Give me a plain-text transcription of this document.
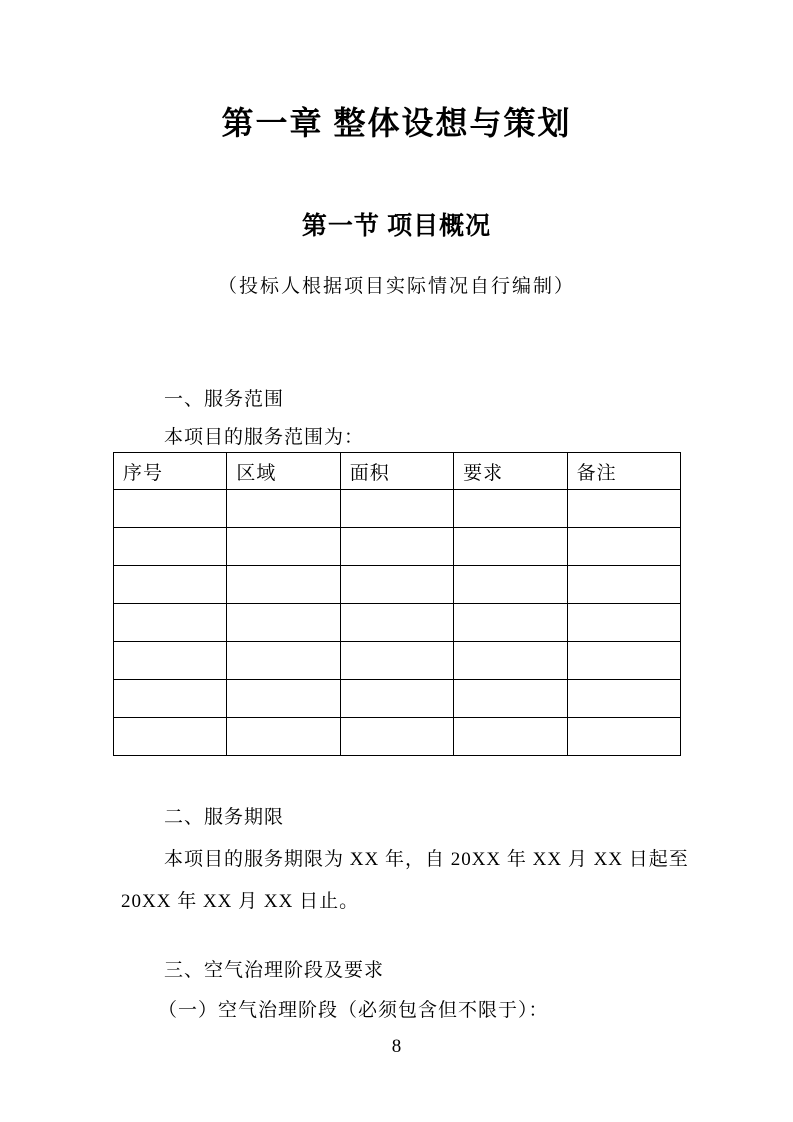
第一章 整体设想与策划
第一节 项目概况
（投标人根据项目实际情况自行编制）
一、服务范围
本项目的服务范围为：
序号	区域	面积	要求	备注

二、服务期限
本项目的服务期限为 XX 年，自 20XX 年 XX 月 XX 日起至
20XX 年 XX 月 XX 日止。
三、空气治理阶段及要求
（一）空气治理阶段（必须包含但不限于）：
8
